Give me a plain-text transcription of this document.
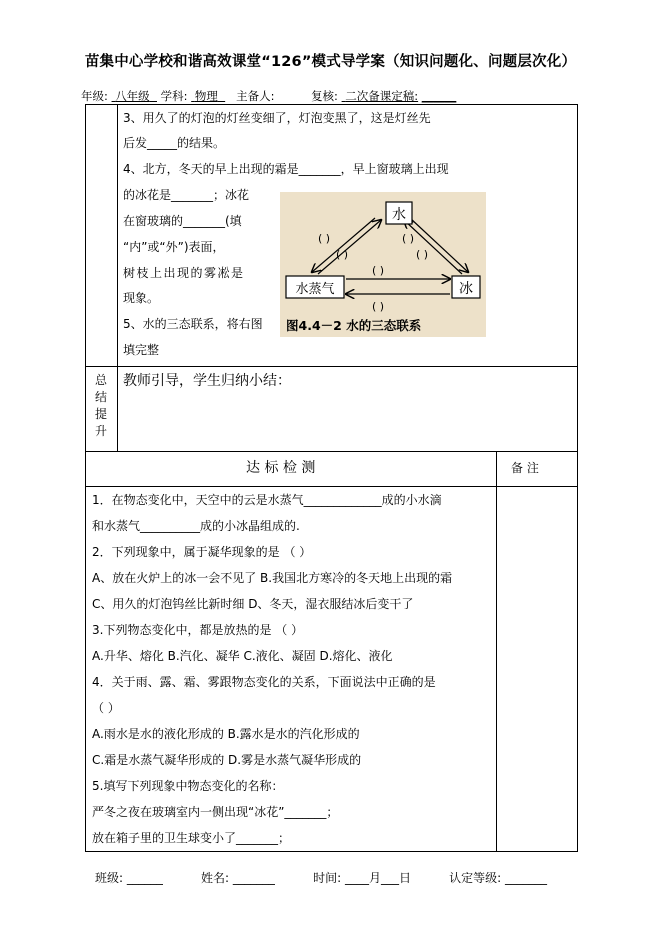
苗集中心学校和谐高效课堂“126”模式导学案（知识问题化、问题层次化）
年级: 八年级 学科: 物理 主备人:	复核: 二次备课定稿: ______
3、用久了的灯泡的灯丝变细了，灯泡变黑了，这是灯丝先
后发_____的结果。
4、北方，冬天的早上出现的霜是_______，早上窗玻璃上出现
的冰花是_______；冰花
在窗玻璃的_______(填
“内”或“外”)表面，
树枝上出现的雾凇是
现象。
5、水的三态联系，将右图
填完整
水
水蒸气	冰
( )	( )
( )	( )
( )
( )
图4.4－2 水的三态联系
总
结
提
升
教师引导，学生归纳小结：
达 标 检 测	备 注
1．在物态变化中，天空中的云是水蒸气_____________成的小水滴
和水蒸气__________成的小冰晶组成的.
2．下列现象中，属于凝华现象的是 （ ）
A、放在火炉上的冰一会不见了 B.我国北方寒冷的冬天地上出现的霜
C、用久的灯泡钨丝比新时细 D、冬天，湿衣服结冰后变干了
3.下列物态变化中，都是放热的是 （ ）
A.升华、熔化 B.汽化、凝华 C.液化、凝固 D.熔化、液化
4．关于雨、露、霜、雾跟物态变化的关系，下面说法中正确的是
（ ）
A.雨水是水的液化形成的 B.露水是水的汽化形成的
C.霜是水蒸气凝华形成的 D.雾是水蒸气凝华形成的
5.填写下列现象中物态变化的名称：
严冬之夜在玻璃室内一侧出现“冰花”_______；
放在箱子里的卫生球变小了_______；
班级: ______	姓名: _______	时间: ____月___日	认定等级: _______
